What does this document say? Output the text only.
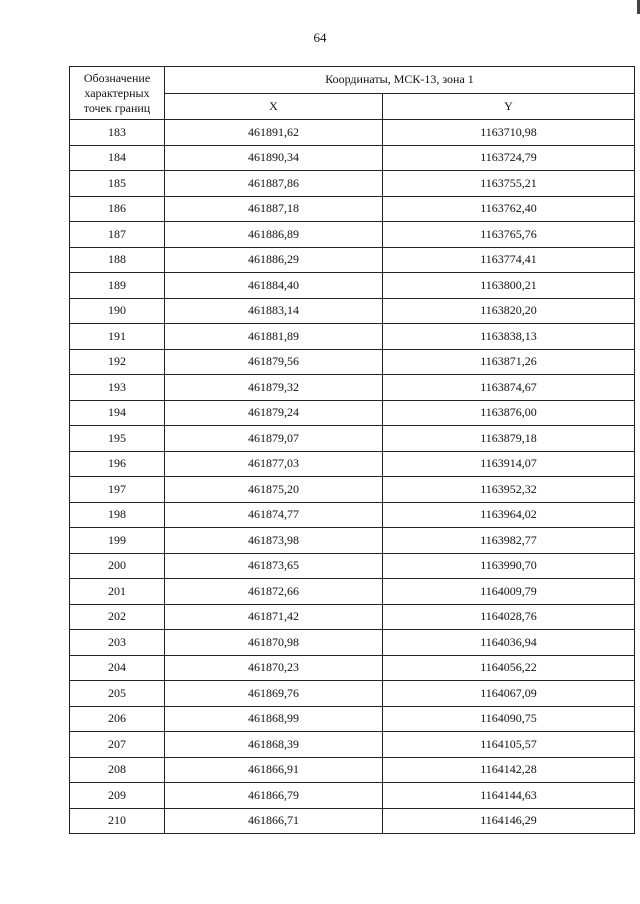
64
Обозначение характерных точек границ	Координаты, МСК-13, зона 1	
	X	Y
183	461891,62	1163710,98
184	461890,34	1163724,79
185	461887,86	1163755,21
186	461887,18	1163762,40
187	461886,89	1163765,76
188	461886,29	1163774,41
189	461884,40	1163800,21
190	461883,14	1163820,20
191	461881,89	1163838,13
192	461879,56	1163871,26
193	461879,32	1163874,67
194	461879,24	1163876,00
195	461879,07	1163879,18
196	461877,03	1163914,07
197	461875,20	1163952,32
198	461874,77	1163964,02
199	461873,98	1163982,77
200	461873,65	1163990,70
201	461872,66	1164009,79
202	461871,42	1164028,76
203	461870,98	1164036,94
204	461870,23	1164056,22
205	461869,76	1164067,09
206	461868,99	1164090,75
207	461868,39	1164105,57
208	461866,91	1164142,28
209	461866,79	1164144,63
210	461866,71	1164146,29
